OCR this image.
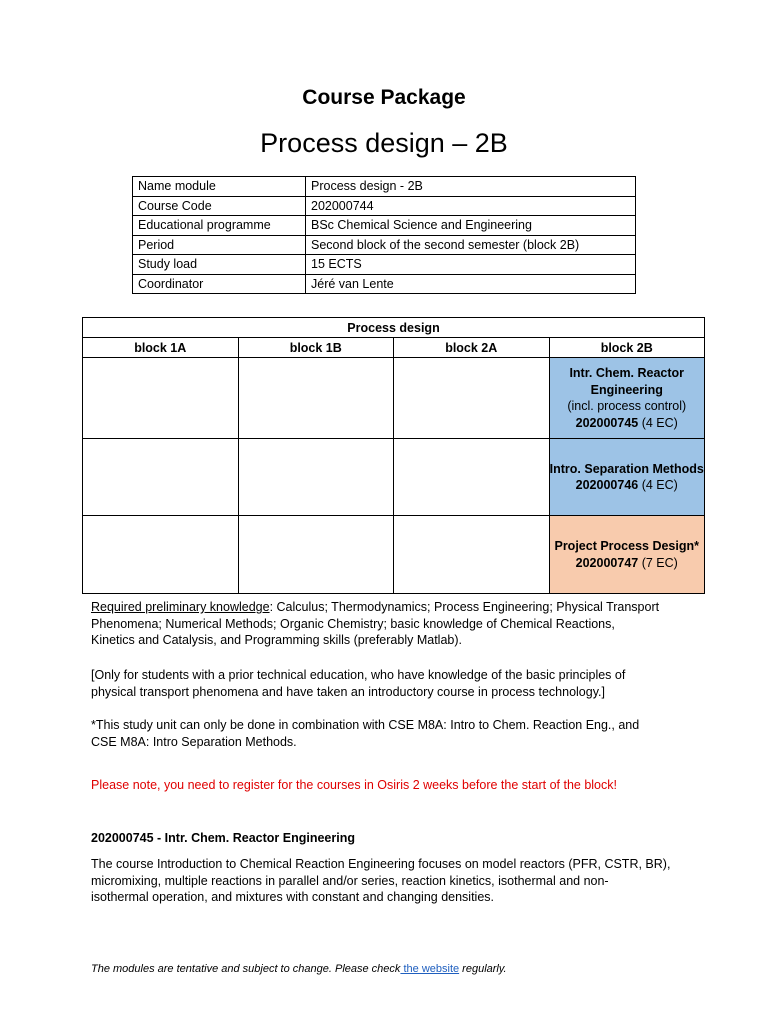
Course Package
Process design – 2B
Name module	Process design - 2B
Course Code	202000744
Educational programme	BSc Chemical Science and Engineering
Period	Second block of the second semester (block 2B)
Study load	15 ECTS
Coordinator	Jéré van Lente
Process design			
block 1A	block 1B	block 2A	block 2B

			Intr. Chem. Reactor
Engineering
(incl. process control)
202000745 (4 EC)

			Intro. Separation Methods
202000746 (4 EC)

			Project Process Design*
202000747 (7 EC)
Required preliminary knowledge: Calculus; Thermodynamics; Process Engineering; Physical Transport
Phenomena; Numerical Methods; Organic Chemistry; basic knowledge of Chemical Reactions,
Kinetics and Catalysis, and Programming skills (preferably Matlab).
[Only for students with a prior technical education, who have knowledge of the basic principles of
physical transport phenomena and have taken an introductory course in process technology.]
*This study unit can only be done in combination with CSE M8A: Intro to Chem. Reaction Eng., and
CSE M8A: Intro Separation Methods.
Please note, you need to register for the courses in Osiris 2 weeks before the start of the block!
202000745 - Intr. Chem. Reactor Engineering
The course Introduction to Chemical Reaction Engineering focuses on model reactors (PFR, CSTR, BR),
micromixing, multiple reactions in parallel and/or series, reaction kinetics, isothermal and non-
isothermal operation, and mixtures with constant and changing densities.
The modules are tentative and subject to change. Please check the website regularly.
